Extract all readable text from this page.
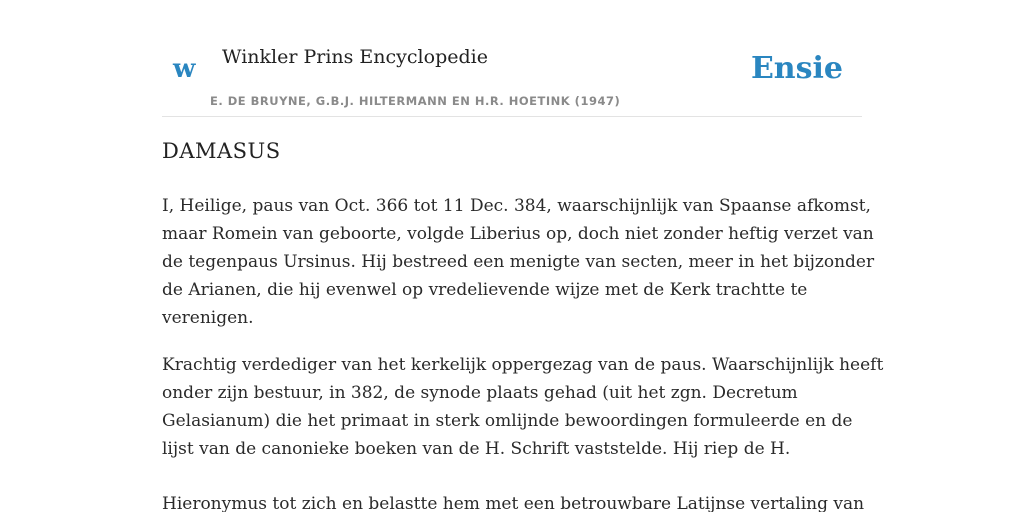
w Winkler Prins Encyclopedie
E. DE BRUYNE, G.B.J. HILTERMANN EN H.R. HOETINK (1947)
Ensie
DAMASUS

I, Heilige, paus van Oct. 366 tot 11 Dec. 384, waarschijnlijk van Spaanse afkomst,
maar Romein van geboorte, volgde Liberius op, doch niet zonder heftig verzet van
de tegenpaus Ursinus. Hij bestreed een menigte van secten, meer in het bijzonder
de Arianen, die hij evenwel op vredelievende wijze met de Kerk trachtte te
verenigen.

Krachtig verdediger van het kerkelijk oppergezag van de paus. Waarschijnlijk heeft
onder zijn bestuur, in 382, de synode plaats gehad (uit het zgn. Decretum
Gelasianum) die het primaat in sterk omlijnde bewoordingen formuleerde en de
lijst van de canonieke boeken van de H. Schrift vaststelde. Hij riep de H.

Hieronymus tot zich en belastte hem met een betrouwbare Latijnse vertaling van
